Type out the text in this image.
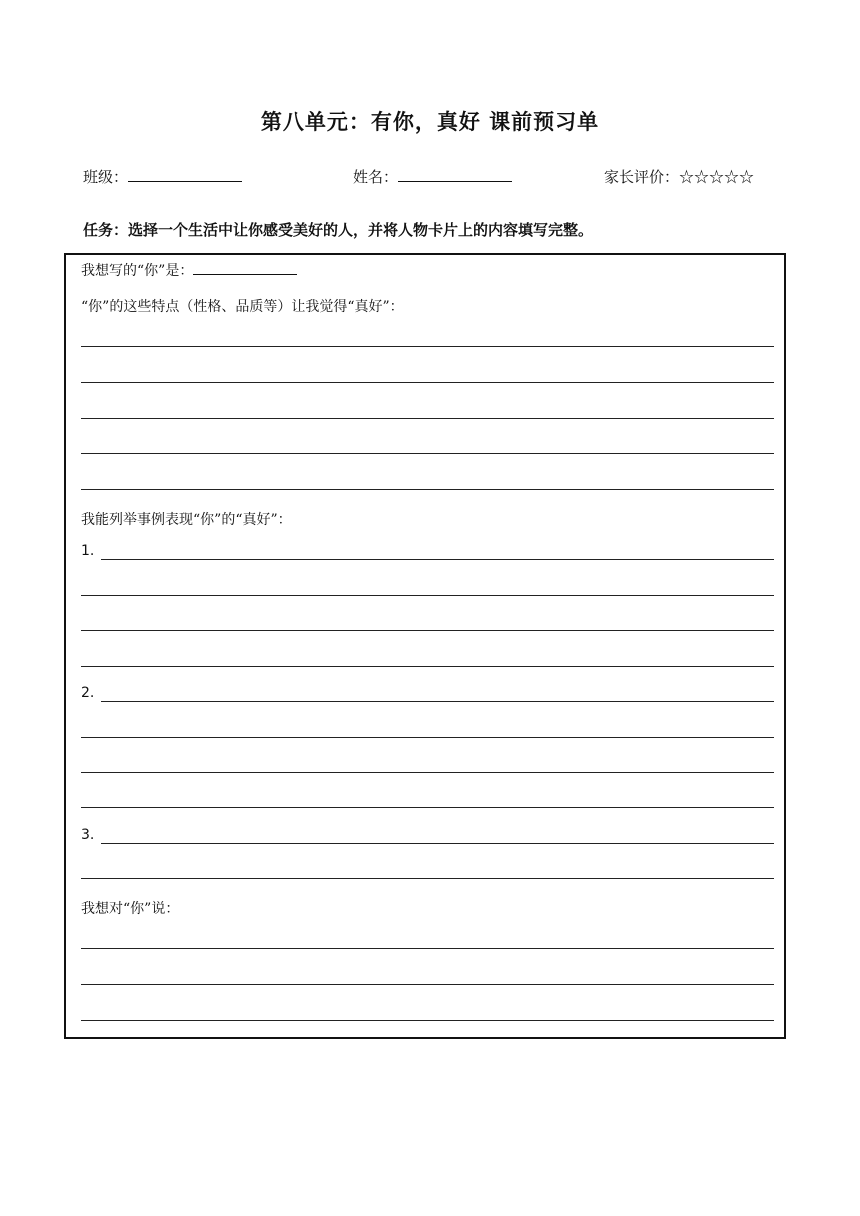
第八单元：有你，真好 课前预习单
班级：	姓名：	家长评价：☆☆☆☆☆
任务：选择一个生活中让你感受美好的人，并将人物卡片上的内容填写完整。
我想写的“你”是：
“你”的这些特点（性格、品质等）让我觉得“真好”：
我能列举事例表现“你”的“真好”：
1.
2.
3.
我想对“你”说：
